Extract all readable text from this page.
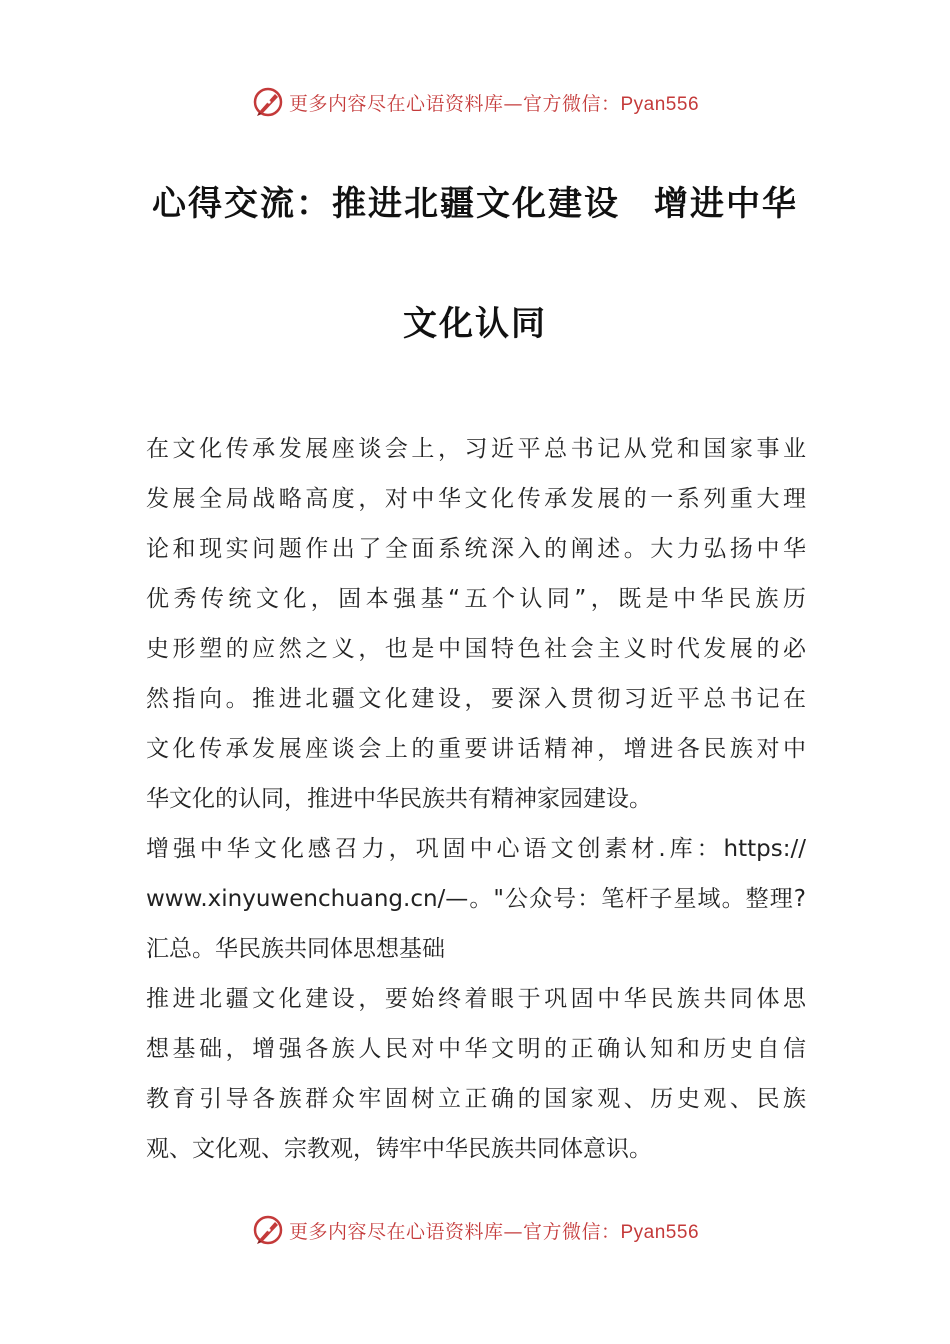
更多内容尽在心语资料库—官方微信：Pyan556
心得交流：推进北疆文化建设 增进中华
文化认同
在文化传承发展座谈会上，习近平总书记从党和国家事业
发展全局战略高度，对中华文化传承发展的一系列重大理
论和现实问题作出了全面系统深入的阐述。大力弘扬中华
优秀传统文化，固本强基“五个认同”，既是中华民族历
史形塑的应然之义，也是中国特色社会主义时代发展的必
然指向。推进北疆文化建设，要深入贯彻习近平总书记在
文化传承发展座谈会上的重要讲话精神，增进各民族对中
华文化的认同，推进中华民族共有精神家园建设。
增强中华文化感召力，巩固中心语文创素材.库：https://
www.xinyuwenchuang.cn/—。"公众号：笔杆子星域。整理?
汇总。华民族共同体思想基础
推进北疆文化建设，要始终着眼于巩固中华民族共同体思
想基础，增强各族人民对中华文明的正确认知和历史自信
教育引导各族群众牢固树立正确的国家观、历史观、民族
观、文化观、宗教观，铸牢中华民族共同体意识。
更多内容尽在心语资料库—官方微信：Pyan556
